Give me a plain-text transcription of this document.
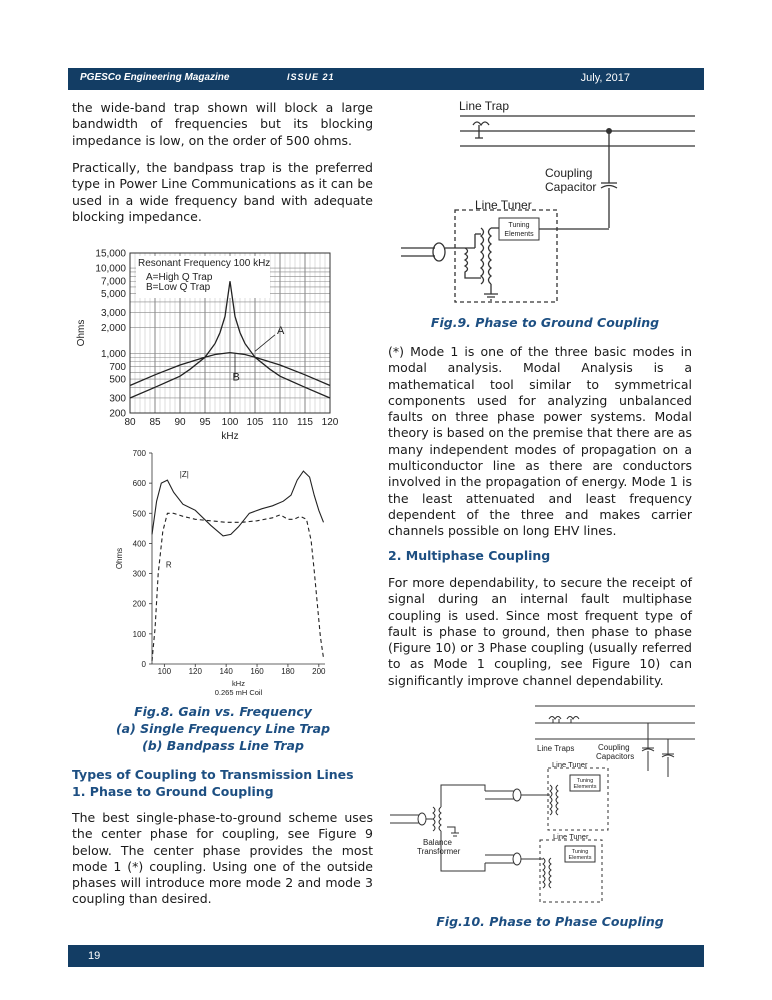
PGESCo Engineering Magazine	ISSUE 21	July, 2017

the wide-band trap shown will block a large bandwidth of frequencies but its blocking impedance is low, on the order of 500 ohms.

Practically, the bandpass trap is the preferred type in Power Line Communications as it can be used in a wide frequency band with adequate blocking impedance.

80 85 90 95 100 105 110 115 120
15,000
10,000
7,000
5,000
3,000
2,000
1,000
700
500
300
200
kHz
Ohms
Resonant Frequency 100 kHz
A=High Q Trap
B=Low Q Trap
A
B
0
100
200
300
400
500
600
700
100 120 140 160 180 200
kHz
0.265 mH Coil
Ohms
|Z|
R
Fig.8. Gain vs. Frequency
(a) Single Frequency Line Trap
(b) Bandpass Line Trap
Types of Coupling to Transmission Lines
1. Phase to Ground Coupling

The best single-phase-to-ground scheme uses the center phase for coupling, see Figure 9 below. The center phase provides the most mode 1 (*) coupling. Using one of the outside phases will introduce more mode 2 and mode 3 coupling than desired.

Line Trap
Coupling
Capacitor
Line Tuner
Tuning
Elements
Fig.9. Phase to Ground Coupling

(*) Mode 1 is one of the three basic modes in modal analysis. Modal Analysis is a mathematical tool similar to symmetrical components used for analyzing unbalanced faults on three phase power systems. Modal theory is based on the premise that there are as many independent modes of propagation on a multiconductor line as there are conductors involved in the propagation of energy. Mode 1 is the least attenuated and least frequency dependent of the three and makes carrier channels possible on long EHV lines.

2. Multiphase Coupling

For more dependability, to secure the receipt of signal during an internal fault multiphase coupling is used. Since most frequent type of fault is phase to ground, then phase to phase (Figure 10) or 3 Phase coupling (usually referred to as Mode 1 coupling, see Figure 10) can significantly improve channel dependability.

Line Traps	Coupling
Capacitors
Line Tuner
Line Tuner
Tuning
Elements
Tuning
Elements
Balance
Transformer
Fig.10. Phase to Phase Coupling
19
